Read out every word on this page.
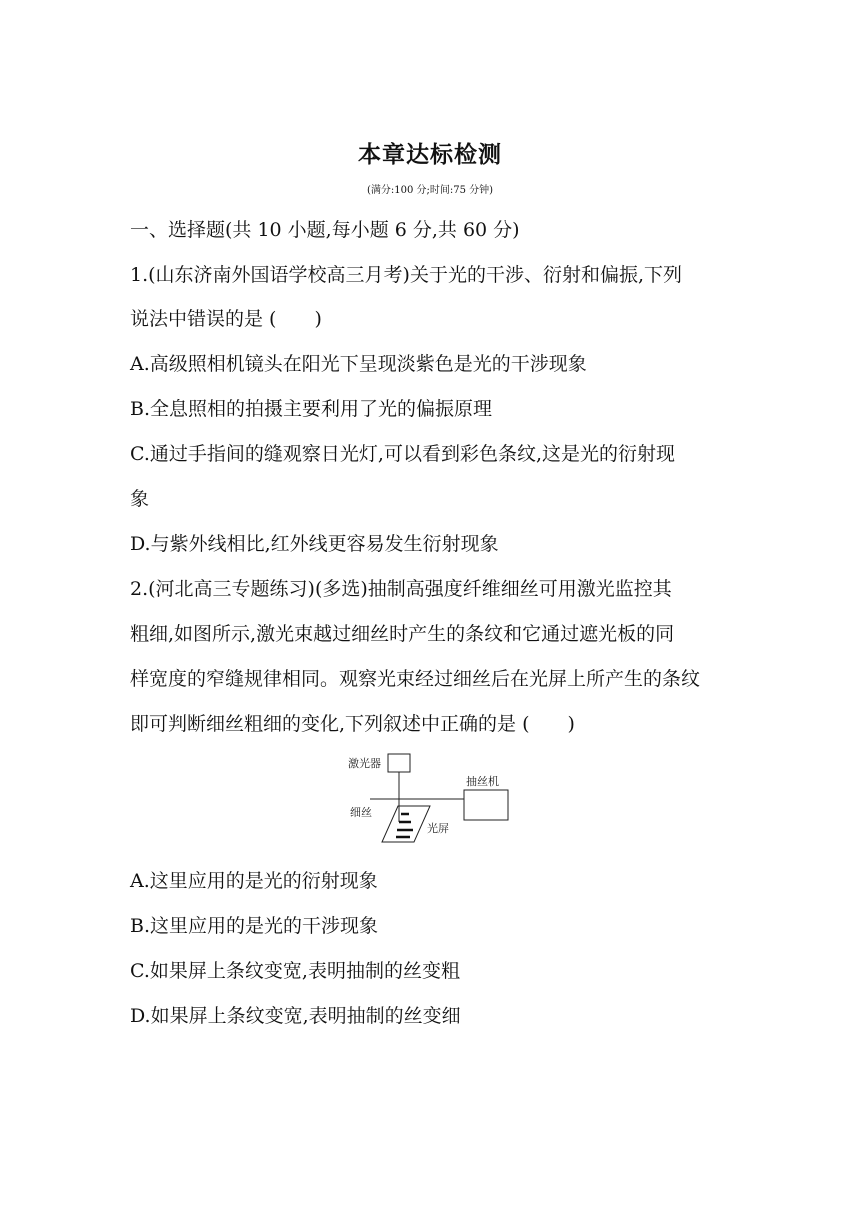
本章达标检测
(满分:100 分;时间:75 分钟)
一、选择题(共 10 小题,每小题 6 分,共 60 分)
1.(山东济南外国语学校高三月考)关于光的干涉、衍射和偏振,下列
说法中错误的是 (　　)
A.高级照相机镜头在阳光下呈现淡紫色是光的干涉现象
B.全息照相的拍摄主要利用了光的偏振原理
C.通过手指间的缝观察日光灯,可以看到彩色条纹,这是光的衍射现
象
D.与紫外线相比,红外线更容易发生衍射现象
2.(河北高三专题练习)(多选)抽制高强度纤维细丝可用激光监控其
粗细,如图所示,激光束越过细丝时产生的条纹和它通过遮光板的同
样宽度的窄缝规律相同。观察光束经过细丝后在光屏上所产生的条纹
即可判断细丝粗细的变化,下列叙述中正确的是 (　　)
激光器
细丝
抽丝机
光屏
A.这里应用的是光的衍射现象
B.这里应用的是光的干涉现象
C.如果屏上条纹变宽,表明抽制的丝变粗
D.如果屏上条纹变宽,表明抽制的丝变细
